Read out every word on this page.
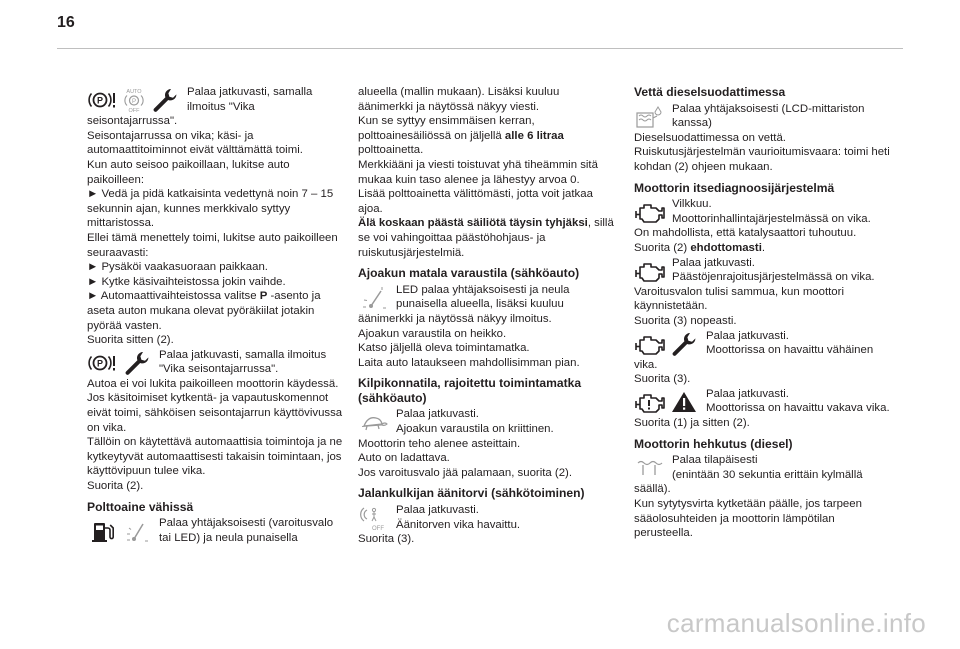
16
P
AUTO
P
OFF

Palaa jatkuvasti, samalla ilmoitus "Vika seisontajarrussa".

Seisontajarrussa on vika; käsi- ja automaattitoiminnot eivät välttämättä toimi.

Kun auto seisoo paikoillaan, lukitse auto paikoilleen:

► Vedä ja pidä katkaisinta vedettynä noin 7 – 15 sekunnin ajan, kunnes merkkivalo syttyy mittaristossa.

Ellei tämä menettely toimi, lukitse auto paikoilleen seuraavasti:

► Pysäköi vaakasuoraan paikkaan.

► Kytke käsivaihteistossa jokin vaihde.

► Automaattivaihteistossa valitse P -asento ja aseta auton mukana olevat pyöräkiilat jotakin pyörää vasten.

Suorita sitten (2).

P

Palaa jatkuvasti, samalla ilmoitus "Vika seisontajarrussa".

Autoa ei voi lukita paikoilleen moottorin käydessä.

Jos käsitoimiset kytkentä- ja vapautuskomennot eivät toimi, sähköisen seisontajarrun käyttövivussa on vika.

Tällöin on käytettävä automaattisia toimintoja ja ne kytkeytyvät automaattisesti takaisin toimintaan, jos käyttövipuun tulee vika.

Suorita (2).

Polttoaine vähissä

Palaa yhtäjaksoisesti (varoitusvalo tai LED) ja neula punaisella

alueella (mallin mukaan). Lisäksi kuuluu äänimerkki ja näytössä näkyy viesti.

Kun se syttyy ensimmäisen kerran, polttoainesäiliössä on jäljellä alle 6 litraa polttoainetta.

Merkkiääni ja viesti toistuvat yhä tiheämmin sitä mukaa kuin taso alenee ja lähestyy arvoa 0.

Lisää polttoainetta välittömästi, jotta voit jatkaa ajoa.

Älä koskaan päästä säiliötä täysin tyhjäksi, sillä se voi vahingoittaa päästöhohjaus- ja ruiskutusjärjestelmiä.

Ajoakun matala varaustila (sähköauto)

LED palaa yhtäjaksoisesti ja neula punaisella alueella, lisäksi kuuluu äänimerkki ja näytössä näkyy ilmoitus.

Ajoakun varaustila on heikko.

Katso jäljellä oleva toimintamatka.

Laita auto lataukseen mahdollisimman pian.

Kilpikonnatila, rajoitettu toimintamatka (sähköauto)

Palaa jatkuvasti.

Ajoakun varaustila on kriittinen.

Moottorin teho alenee asteittain.

Auto on ladattava.

Jos varoitusvalo jää palamaan, suorita (2).

Jalankulkijan äänitorvi (sähkötoiminen)
OFF

Palaa jatkuvasti.

Äänitorven vika havaittu.

Suorita (3).

Vettä dieselsuodattimessa

Palaa yhtäjaksoisesti (LCD-mittariston kanssa)

Dieselsuodattimessa on vettä.

Ruiskutusjärjestelmän vaurioitumisvaara: toimi heti kohdan (2) ohjeen mukaan.

Moottorin itsediagnoosijärjestelmä

Vilkkuu.

Moottorinhallintajärjestelmässä on vika.

On mahdollista, että katalysaattori tuhoutuu.

Suorita (2) ehdottomasti.

Palaa jatkuvasti.

Päästöjenrajoitusjärjestelmässä on vika.

Varoitusvalon tulisi sammua, kun moottori käynnistetään.

Suorita (3) nopeasti.

Palaa jatkuvasti.

Moottorissa on havaittu vähäinen vika.

Suorita (3).

Palaa jatkuvasti.

Moottorissa on havaittu vakava vika.

Suorita (1) ja sitten (2).

Moottorin hehkutus (diesel)

Palaa tilapäisesti

(enintään 30 sekuntia erittäin kylmällä säällä).

Kun sytytysvirta kytketään päälle, jos tarpeen sääolosuhteiden ja moottorin lämpötilan perusteella.

carmanualsonline.info
